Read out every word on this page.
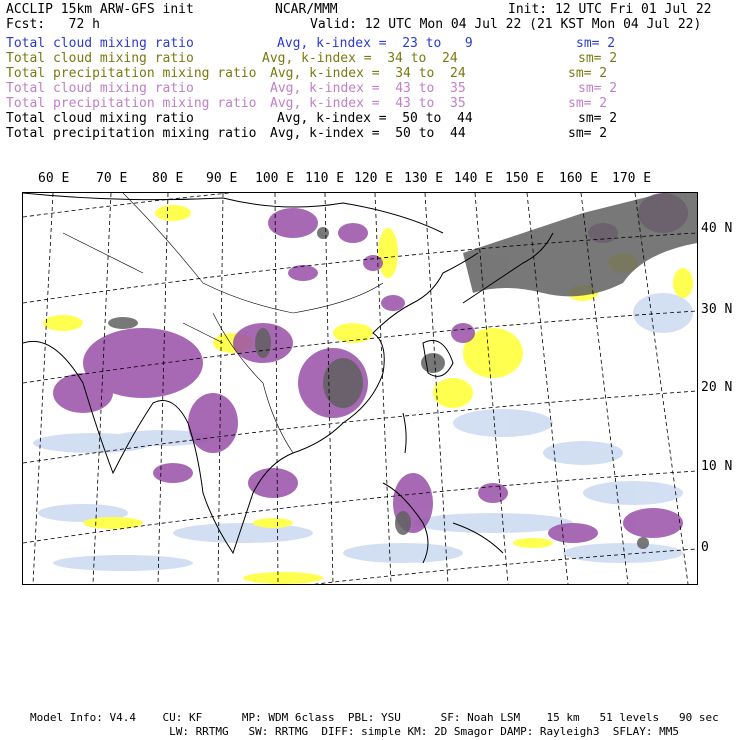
ACCLIP 15km ARW-GFS init	NCAR/MMM	Init: 12 UTC Fri 01 Jul 22
Fcst:   72 h	Valid: 12 UTC Mon 04 Jul 22 (21 KST Mon 04 Jul 22)
Total cloud mixing ratio	Avg, k-index =  23 to   9	sm= 2
Total cloud mixing ratio	Avg, k-index =  34 to  24	sm= 2
Total precipitation mixing ratio Avg, k-index =  34 to  24	sm= 2
Total cloud mixing ratio	Avg, k-index =  43 to  35	sm= 2
Total precipitation mixing ratio Avg, k-index =  43 to  35	sm= 2
Total cloud mixing ratio	Avg, k-index =  50 to  44	sm= 2
Total precipitation mixing ratio Avg, k-index =  50 to  44	sm= 2
60 E 70 E 80 E 90 E 100 E 110 E 120 E 130 E 140 E 150 E 160 E 170 E
40 N
30 N
20 N
10 N
0
Model Info: V4.4    CU: KF      MP: WDM 6class  PBL: YSU      SF: Noah LSM    15 km   51 levels   90 sec
LW: RRTMG   SW: RRTMG  DIFF: simple KM: 2D Smagor DAMP: Rayleigh3  SFLAY: MM5
